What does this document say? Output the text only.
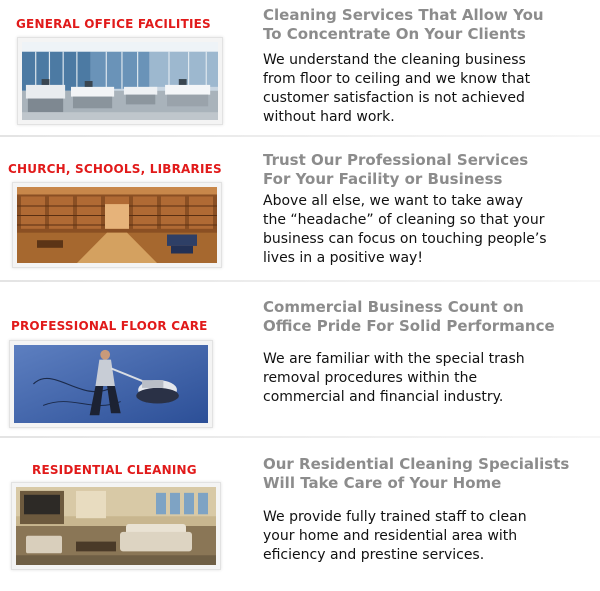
GENERAL OFFICE FACILITIES	Cleaning Services That Allow You
To Concentrate On Your Clients
We understand the cleaning business
from floor to ceiling and we know that
customer satisfaction is not achieved
without hard work.
CHURCH, SCHOOLS, LIBRARIES	Trust Our Professional Services
For Your Facility or Business
Above all else, we want to take away
the “headache” of cleaning so that your
business can focus on touching people’s
lives in a positive way!
PROFESSIONAL FLOOR CARE
Commercial Business Count on
Office Pride For Solid Performance
We are familiar with the special trash
removal procedures within the
commercial and financial industry.
RESIDENTIAL CLEANING	Our Residential Cleaning Specialists
Will Take Care of Your Home
We provide fully trained staff to clean
your home and residential area with
eficiency and prestine services.
